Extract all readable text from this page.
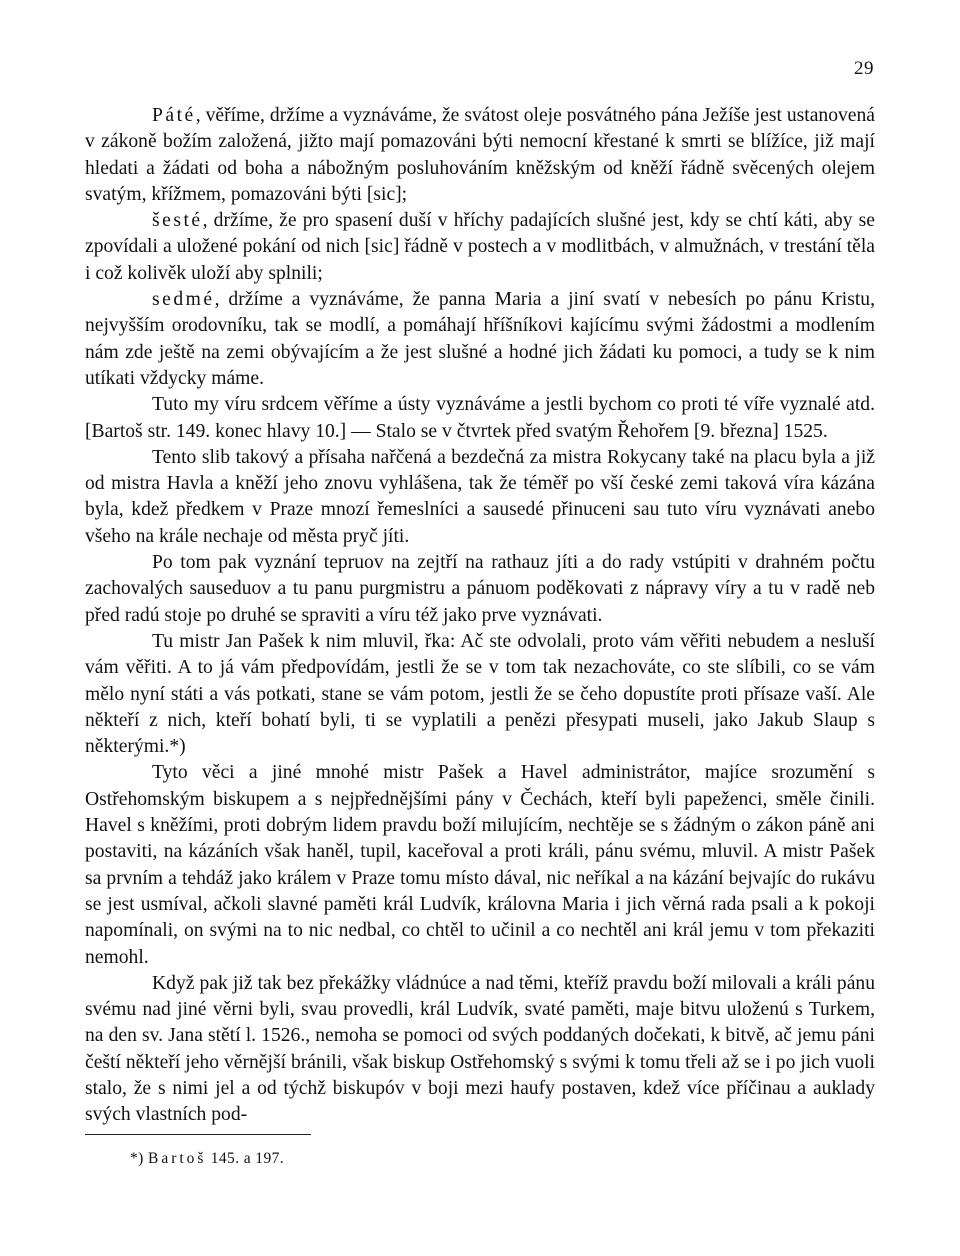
29

Páté, věříme, držíme a vyznáváme, že svátost oleje posvátného pána Ježíše jest ustanovená v zákoně božím založená, jižto mají pomazováni býti nemocní křestané k smrti se blížíce, již mají hledati a žádati od boha a nábožným posluhováním kněžským od kněží řádně svěcených olejem svatým, křížmem, pomazováni býti [sic];

šesté, držíme, že pro spasení duší v hříchy padajících slušné jest, kdy se chtí káti, aby se zpovídali a uložené pokání od nich [sic] řádně v postech a v modlitbách, v almužnách, v trestání těla i což kolivěk uloží aby splnili;

sedmé, držíme a vyznáváme, že panna Maria a jiní svatí v nebesích po pánu Kristu, nejvyšším orodovníku, tak se modlí, a pomáhají hříšníkovi kajícímu svými žádostmi a modlením nám zde ještě na zemi obývajícím a že jest slušné a hodné jich žádati ku pomoci, a tudy se k nim utíkati vždycky máme.

Tuto my víru srdcem věříme a ústy vyznáváme a jestli bychom co proti té víře vyznalé atd. [Bartoš str. 149. konec hlavy 10.] — Stalo se v čtvrtek před svatým Řehořem [9. března] 1525.

Tento slib takový a přísaha nařčená a bezdečná za mistra Rokycany také na placu byla a již od mistra Havla a kněží jeho znovu vyhlášena, tak že téměř po vší české zemi taková víra kázána byla, kdež předkem v Praze mnozí řemeslníci a sausedé přinuceni sau tuto víru vyznávati anebo všeho na krále nechaje od města pryč jíti.

Po tom pak vyznání tepruov na zejtří na rathauz jíti a do rady vstúpiti v drahném počtu zachovalých sauseduov a tu panu purgmistru a pánuom poděkovati z nápravy víry a tu v radě neb před radú stoje po druhé se spraviti a víru též jako prve vyznávati.

Tu mistr Jan Pašek k nim mluvil, řka: Ač ste odvolali, proto vám věřiti nebudem a nesluší vám věřiti. A to já vám předpovídám, jestli že se v tom tak nezachováte, co ste slíbili, co se vám mělo nyní státi a vás potkati, stane se vám potom, jestli že se čeho dopustíte proti přísaze vaší. Ale někteří z nich, kteří bohatí byli, ti se vyplatili a penězi přesypati museli, jako Jakub Slaup s některými.*)

Tyto věci a jiné mnohé mistr Pašek a Havel administrátor, majíce srozumění s Ostřehomským biskupem a s nejpřednějšími pány v Čechách, kteří byli papeženci, směle činili. Havel s kněžími, proti dobrým lidem pravdu boží milujícím, nechtěje se s žádným o zákon páně ani postaviti, na kázáních však haněl, tupil, kaceřoval a proti králi, pánu svému, mluvil. A mistr Pašek sa prvním a tehdáž jako králem v Praze tomu místo dával, nic neříkal a na kázání bejvajíc do rukávu se jest usmíval, ačkoli slavné paměti král Ludvík, královna Maria i jich věrná rada psali a k pokoji napomínali, on svými na to nic nedbal, co chtěl to učinil a co nechtěl ani král jemu v tom překaziti nemohl.

Když pak již tak bez překážky vládnúce a nad těmi, kteříž pravdu boží milovali a králi pánu svému nad jiné věrni byli, svau provedli, král Ludvík, svaté paměti, maje bitvu uloženú s Turkem, na den sv. Jana stětí l. 1526., nemoha se pomoci od svých poddaných dočekati, k bitvě, ač jemu páni čeští někteří jeho věrnější bránili, však biskup Ostřehomský s svými k tomu třeli až se i po jich vuoli stalo, že s nimi jel a od týchž biskupóv v boji mezi haufy postaven, kdež více příčinau a auklady svých vlastních pod-

*) Bartoš 145. a 197.
